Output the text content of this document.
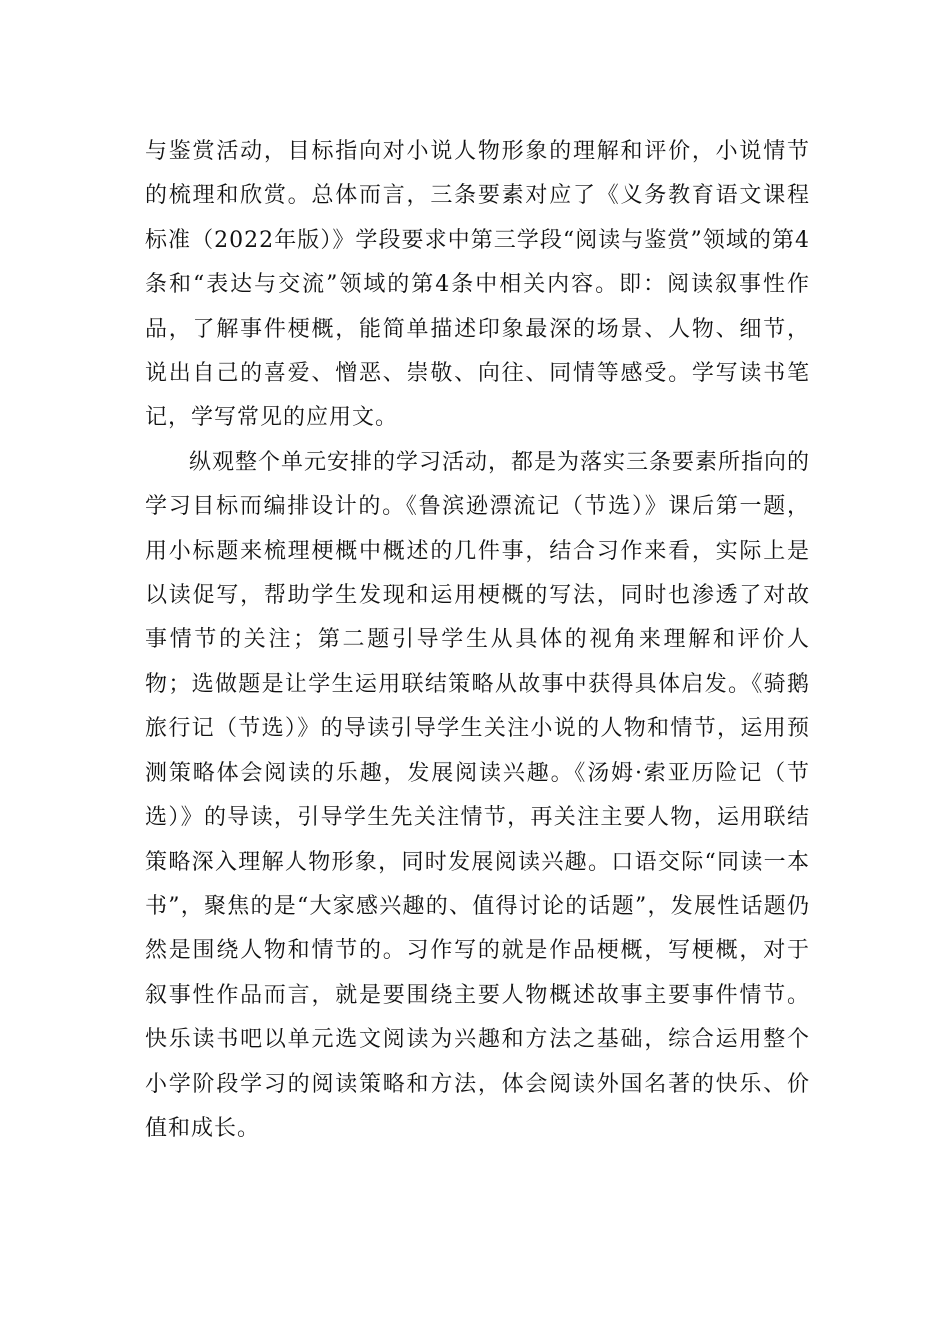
与鉴赏活动，目标指向对小说人物形象的理解和评价，小说情节的梳理和欣赏。总体而言，三条要素对应了《义务教育语文课程标准（2022年版）》学段要求中第三学段“阅读与鉴赏”领域的第4条和“表达与交流”领域的第4条中相关内容。即：阅读叙事性作品，了解事件梗概，能简单描述印象最深的场景、人物、细节，说出自己的喜爱、憎恶、崇敬、向往、同情等感受。学写读书笔记，学写常见的应用文。

纵观整个单元安排的学习活动，都是为落实三条要素所指向的学习目标而编排设计的。《鲁滨逊漂流记（节选）》课后第一题，用小标题来梳理梗概中概述的几件事，结合习作来看，实际上是以读促写，帮助学生发现和运用梗概的写法，同时也渗透了对故事情节的关注；第二题引导学生从具体的视角来理解和评价人物；选做题是让学生运用联结策略从故事中获得具体启发。《骑鹅旅行记（节选）》的导读引导学生关注小说的人物和情节，运用预测策略体会阅读的乐趣，发展阅读兴趣。《汤姆·索亚历险记（节选）》的导读，引导学生先关注情节，再关注主要人物，运用联结策略深入理解人物形象，同时发展阅读兴趣。口语交际“同读一本书”，聚焦的是“大家感兴趣的、值得讨论的话题”，发展性话题仍然是围绕人物和情节的。习作写的就是作品梗概，写梗概，对于叙事性作品而言，就是要围绕主要人物概述故事主要事件情节。快乐读书吧以单元选文阅读为兴趣和方法之基础，综合运用整个小学阶段学习的阅读策略和方法，体会阅读外国名著的快乐、价值和成长。
